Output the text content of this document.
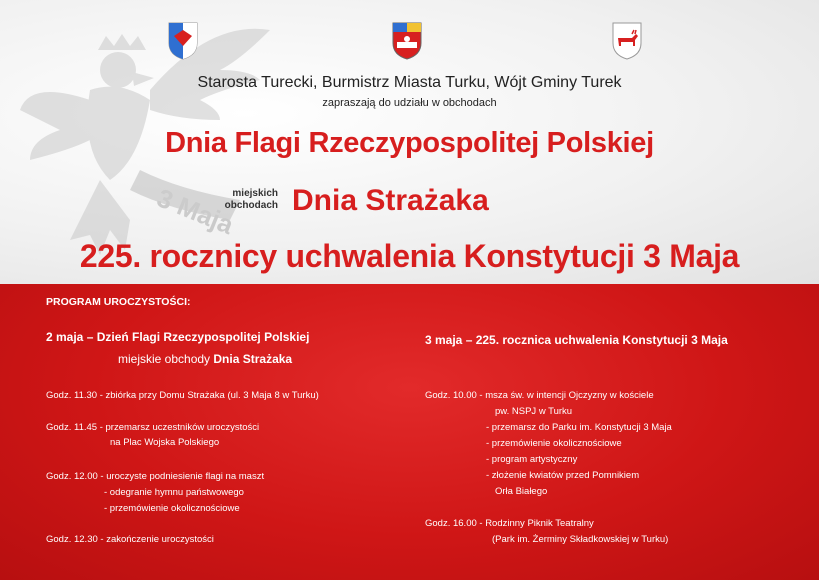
3 Maja

Starosta Turecki, Burmistrz Miasta Turku, Wójt Gminy Turek

zapraszają do udziału w obchodach

Dnia Flagi Rzeczypospolitej Polskiej

miejskich
obchodach Dnia Strażaka

225. rocznicy uchwalenia Konstytucji 3 Maja

PROGRAM UROCZYSTOŚCI:

2 maja – Dzień Flagi Rzeczypospolitej Polskiej

miejskie obchody Dnia Strażaka

Godz. 11.30 - zbiórka przy Domu Strażaka (ul. 3 Maja 8 w Turku)

Godz. 11.45 - przemarsz uczestników uroczystości

na Plac Wojska Polskiego

Godz. 12.00 - uroczyste podniesienie flagi na maszt

- odegranie hymnu państwowego

- przemówienie okolicznościowe

Godz. 12.30 - zakończenie uroczystości

3 maja – 225. rocznica uchwalenia Konstytucji 3 Maja

Godz. 10.00 - msza św. w intencji Ojczyzny w kościele

pw. NSPJ w Turku

- przemarsz do Parku im. Konstytucji 3 Maja

- przemówienie okolicznościowe

- program artystyczny

- złożenie kwiatów przed Pomnikiem

Orła Białego

Godz. 16.00 - Rodzinny Piknik Teatralny

(Park im. Żerminy Składkowskiej w Turku)
